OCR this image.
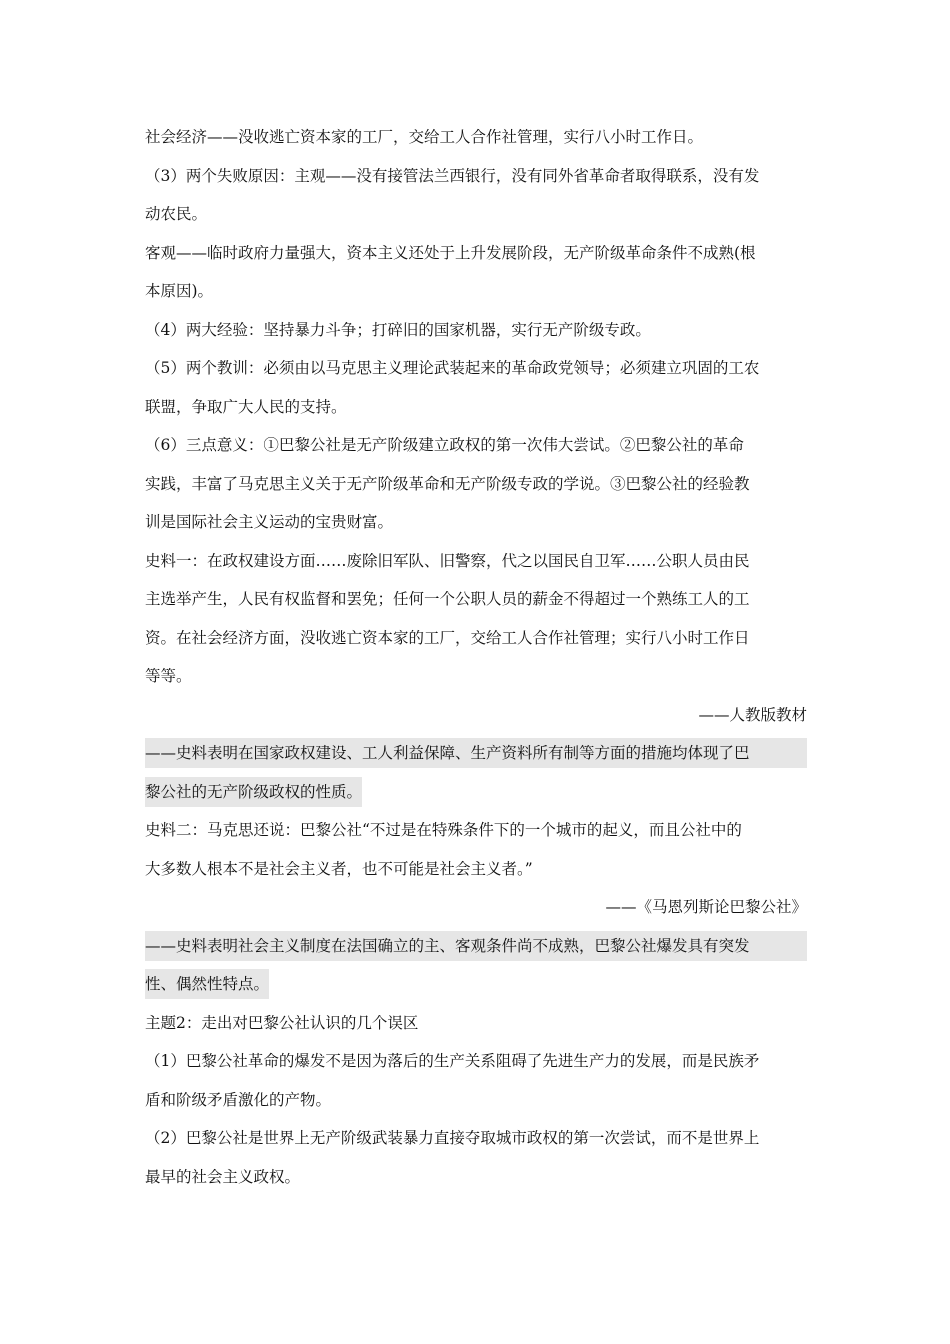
社会经济——没收逃亡资本家的工厂，交给工人合作社管理，实行八小时工作日。
（3）两个失败原因：主观——没有接管法兰西银行，没有同外省革命者取得联系，没有发
动农民。
客观——临时政府力量强大，资本主义还处于上升发展阶段，无产阶级革命条件不成熟(根
本原因)。
（4）两大经验：坚持暴力斗争；打碎旧的国家机器，实行无产阶级专政。
（5）两个教训：必须由以马克思主义理论武装起来的革命政党领导；必须建立巩固的工农
联盟，争取广大人民的支持。
（6）三点意义：①巴黎公社是无产阶级建立政权的第一次伟大尝试。②巴黎公社的革命
实践，丰富了马克思主义关于无产阶级革命和无产阶级专政的学说。③巴黎公社的经验教
训是国际社会主义运动的宝贵财富。
史料一：在政权建设方面……废除旧军队、旧警察，代之以国民自卫军……公职人员由民
主选举产生，人民有权监督和罢免；任何一个公职人员的薪金不得超过一个熟练工人的工
资。在社会经济方面，没收逃亡资本家的工厂，交给工人合作社管理；实行八小时工作日
等等。
——人教版教材
——史料表明在国家政权建设、工人利益保障、生产资料所有制等方面的措施均体现了巴
黎公社的无产阶级政权的性质。
史料二：马克思还说：巴黎公社“不过是在特殊条件下的一个城市的起义，而且公社中的
大多数人根本不是社会主义者，也不可能是社会主义者。”
——《马恩列斯论巴黎公社》
——史料表明社会主义制度在法国确立的主、客观条件尚不成熟，巴黎公社爆发具有突发
性、偶然性特点。
主题2：走出对巴黎公社认识的几个误区
（1）巴黎公社革命的爆发不是因为落后的生产关系阻碍了先进生产力的发展，而是民族矛
盾和阶级矛盾激化的产物。
（2）巴黎公社是世界上无产阶级武装暴力直接夺取城市政权的第一次尝试，而不是世界上
最早的社会主义政权。
